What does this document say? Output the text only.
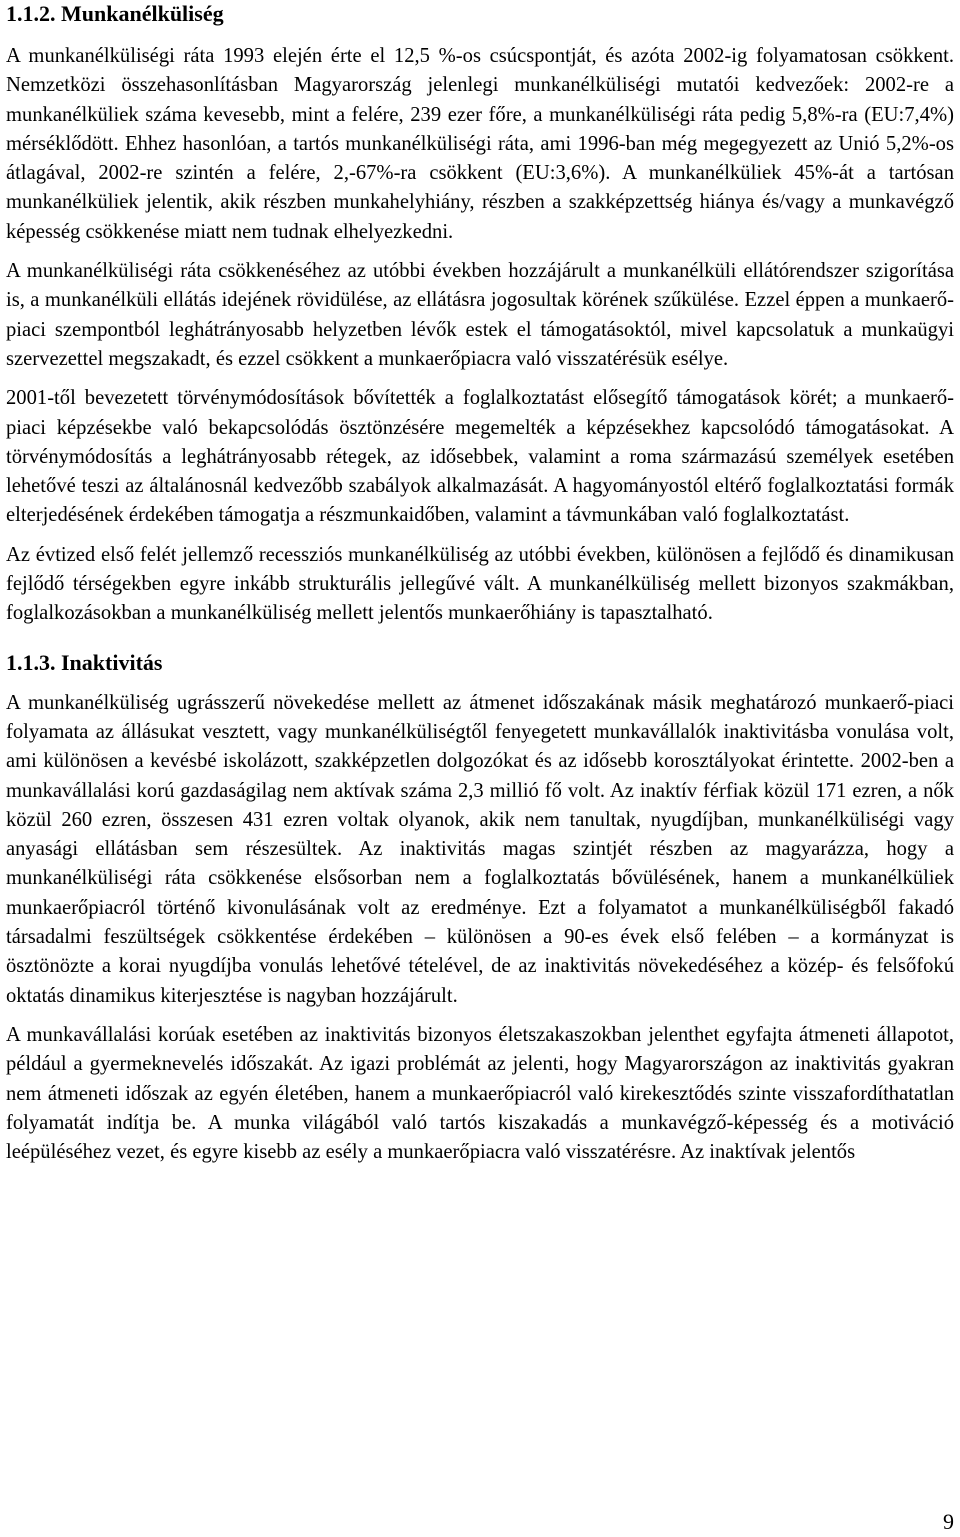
1.1.2. Munkanélküliség

A munkanélküliségi ráta 1993 elején érte el 12,5 %-os csúcspontját, és azóta 2002-ig folyamatosan csökkent. Nemzetközi összehasonlításban Magyarország jelenlegi munkanélküliségi mutatói kedvezőek: 2002-re a munkanélküliek száma kevesebb, mint a felére, 239 ezer főre, a munkanélküliségi ráta pedig 5,8%-ra (EU:7,4%) mérséklődött. Ehhez hasonlóan, a tartós munkanélküliségi ráta, ami 1996-ban még megegyezett az Unió 5,2%-os átlagával, 2002-re szintén a felére, 2,-67%-ra csökkent (EU:3,6%). A munkanélküliek 45%-át a tartósan munkanélküliek jelentik, akik részben munkahelyhiány, részben a szakképzettség hiánya és/vagy a munkavégző képesség csökkenése miatt nem tudnak elhelyezkedni.

A munkanélküliségi ráta csökkenéséhez az utóbbi években hozzájárult a munkanélküli ellátórendszer szigorítása is, a munkanélküli ellátás idejének rövidülése, az ellátásra jogosultak körének szűkülése. Ezzel éppen a munkaerő-piaci szempontból leghátrányosabb helyzetben lévők estek el támogatásoktól, mivel kapcsolatuk a munkaügyi szervezettel megszakadt, és ezzel csökkent a munkaerőpiacra való visszatérésük esélye.

2001-től bevezetett törvénymódosítások bővítették a foglalkoztatást elősegítő támogatások körét; a munkaerő-piaci képzésekbe való bekapcsolódás ösztönzésére megemelték a képzésekhez kapcsolódó támogatásokat. A törvénymódosítás a leghátrányosabb rétegek, az idősebbek, valamint a roma származású személyek esetében lehetővé teszi az általánosnál kedvezőbb szabályok alkalmazását. A hagyományostól eltérő foglalkoztatási formák elterjedésének érdekében támogatja a részmunkaidőben, valamint a távmunkában való foglalkoztatást.

Az évtized első felét jellemző recessziós munkanélküliség az utóbbi években, különösen a fejlődő és dinamikusan fejlődő térségekben egyre inkább strukturális jellegűvé vált. A munkanélküliség mellett bizonyos szakmákban, foglalkozásokban a munkanélküliség mellett jelentős munkaerőhiány is tapasztalható.

1.1.3. Inaktivitás

A munkanélküliség ugrásszerű növekedése mellett az átmenet időszakának másik meghatározó munkaerő-piaci folyamata az állásukat vesztett, vagy munkanélküliségtől fenyegetett munkavállalók inaktivitásba vonulása volt, ami különösen a kevésbé iskolázott, szakképzetlen dolgozókat és az idősebb korosztályokat érintette. 2002-ben a munkavállalási korú gazdaságilag nem aktívak száma 2,3 millió fő volt. Az inaktív férfiak közül 171 ezren, a nők közül 260 ezren, összesen 431 ezren voltak olyanok, akik nem tanultak, nyugdíjban, munkanélküliségi vagy anyasági ellátásban sem részesültek. Az inaktivitás magas szintjét részben az magyarázza, hogy a munkanélküliségi ráta csökkenése elsősorban nem a foglalkoztatás bővülésének, hanem a munkanélküliek munkaerőpiacról történő kivonulásának volt az eredménye. Ezt a folyamatot a munkanélküliségből fakadó társadalmi feszültségek csökkentése érdekében – különösen a 90-es évek első felében – a kormányzat is ösztönözte a korai nyugdíjba vonulás lehetővé tételével, de az inaktivitás növekedéséhez a közép- és felsőfokú oktatás dinamikus kiterjesztése is nagyban hozzájárult.

A munkavállalási korúak esetében az inaktivitás bizonyos életszakaszokban jelenthet egyfajta átmeneti állapotot, például a gyermeknevelés időszakát. Az igazi problémát az jelenti, hogy Magyarországon az inaktivitás gyakran nem átmeneti időszak az egyén életében, hanem a munkaerőpiacról való kirekesztődés szinte visszafordíthatatlan folyamatát indítja be. A munka világából való tartós kiszakadás a munkavégző-képesség és a motiváció leépüléséhez vezet, és egyre kisebb az esély a munkaerőpiacra való visszatérésre. Az inaktívak jelentős

9
